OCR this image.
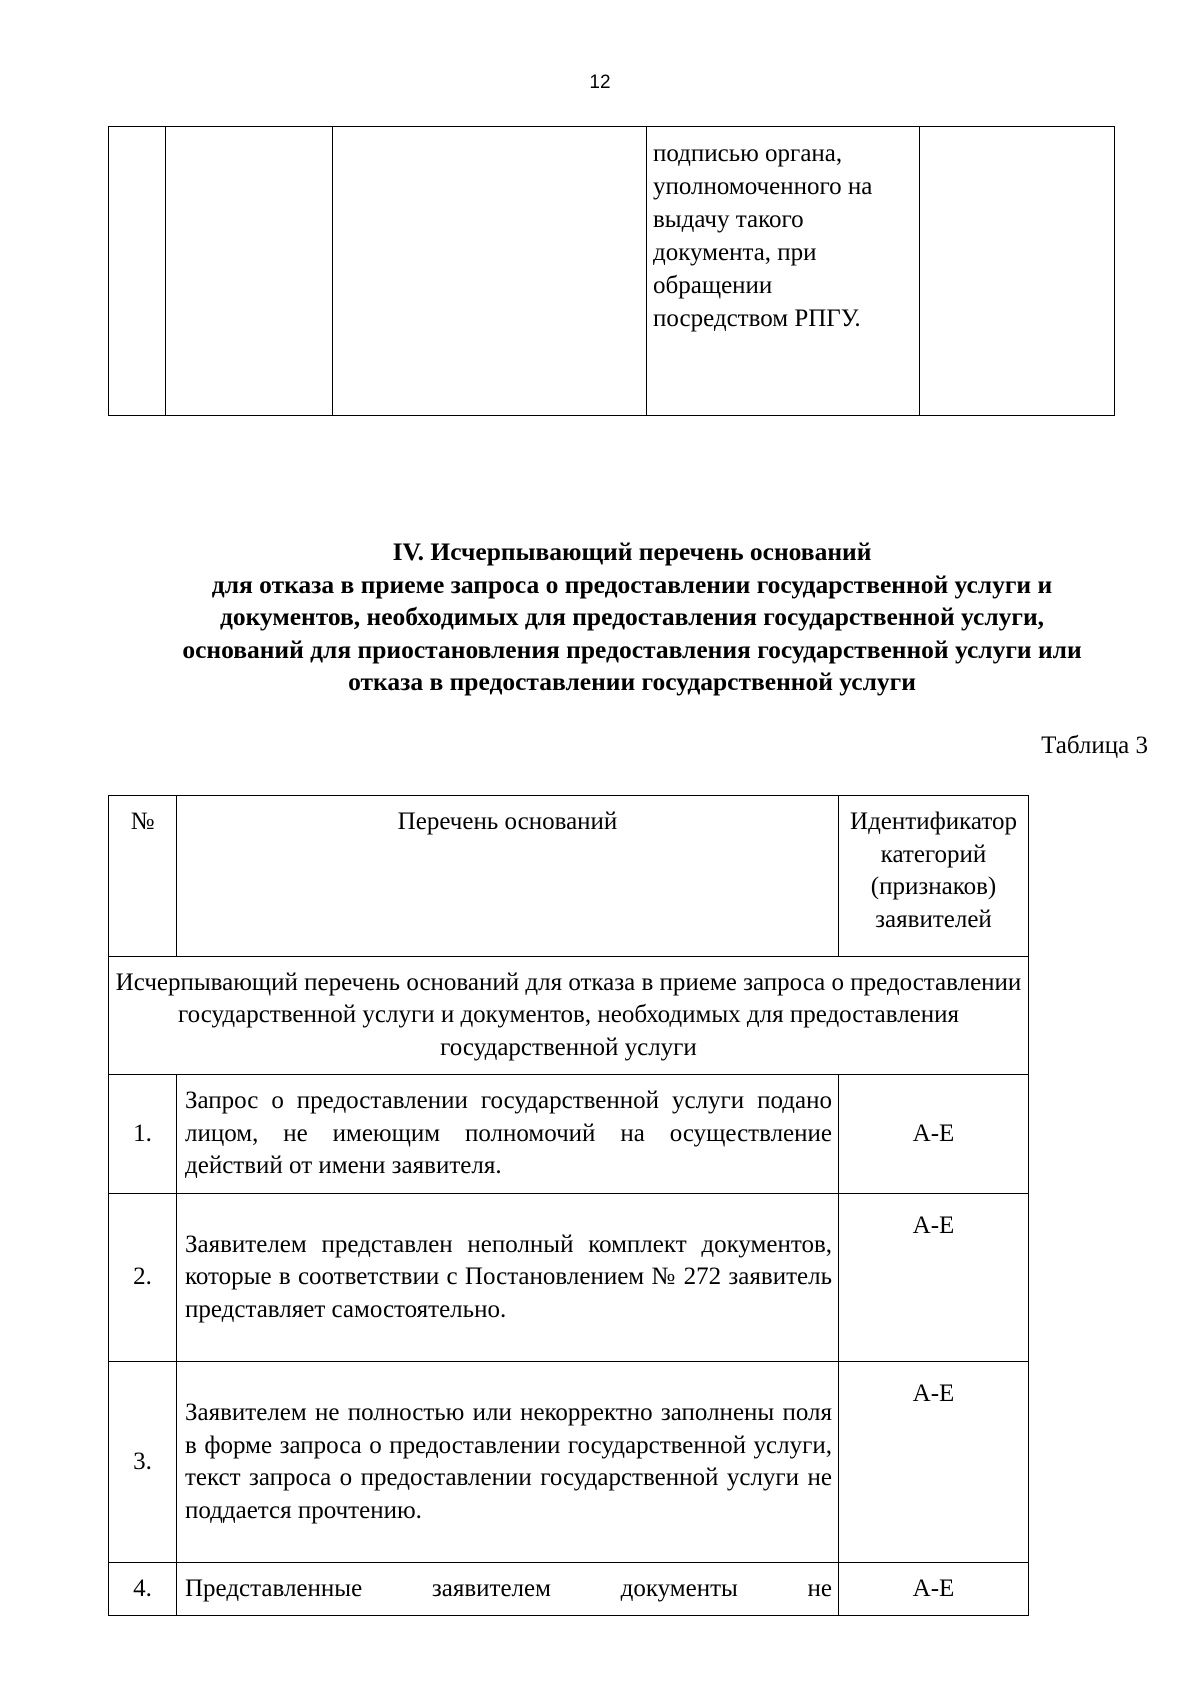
12
			подписью органа, уполномоченного на выдачу такого документа, при обращении посредством РПГУ.	
IV. Исчерпывающий перечень оснований
для отказа в приеме запроса о предоставлении государственной услуги и
документов, необходимых для предоставления государственной услуги,
оснований для приостановления предоставления государственной услуги или
отказа в предоставлении государственной услуги
Таблица 3
№	Перечень оснований	Идентификатор категорий (признаков) заявителей
Исчерпывающий перечень оснований для отказа в приеме запроса о предоставлении государственной услуги и документов, необходимых для предоставления государственной услуги		
1.	Запрос о предоставлении государственной услуги подано лицом, не имеющим полномочий на осуществление действий от имени заявителя.	А-Е
2.	Заявителем представлен неполный комплект документов, которые в соответствии с Постановлением № 272 заявитель представляет самостоятельно.	А-Е
3.	Заявителем не полностью или некорректно заполнены поля в форме запроса о предоставлении государственной услуги, текст запроса о предоставлении государственной услуги не поддается прочтению.	А-Е
4.	Представленные заявителем документы не	А-Е
